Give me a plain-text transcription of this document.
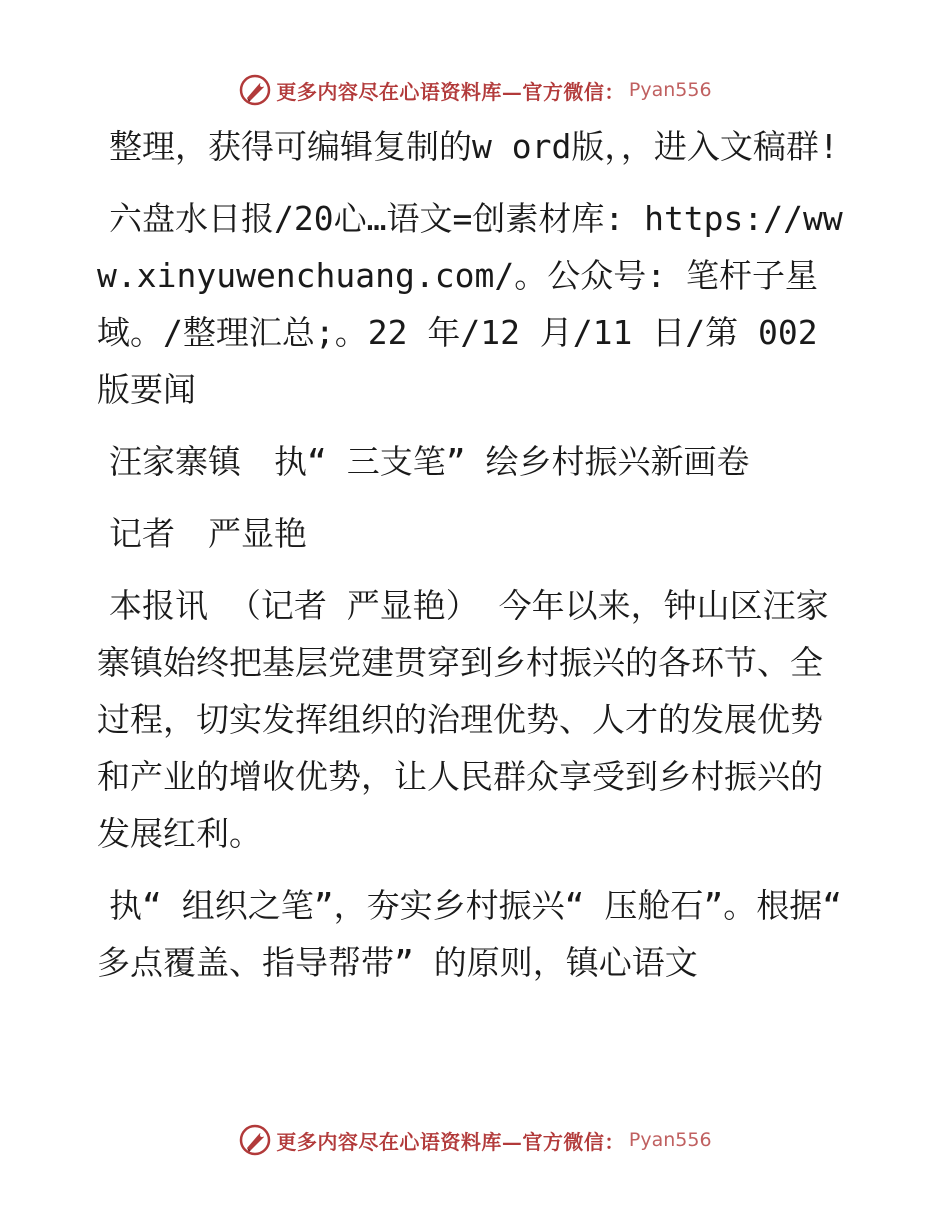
更多内容尽在心语资料库—官方微信： Pyan556

整理，获得可编辑复制的w ord版，，进入文稿群!

六盘水日报/20心…语文=创素材库: https://www.xinyuwenchuang.com/。公众号: 笔杆子星域。/整理汇总;。22 年/12 月/11 日/第 002 版要闻

汪家寨镇　执“ 三支笔” 绘乡村振兴新画卷

记者　严显艳

本报讯 （记者 严显艳） 今年以来，钟山区汪家寨镇始终把基层党建贯穿到乡村振兴的各环节、全过程，切实发挥组织的治理优势、人才的发展优势和产业的增收优势，让人民群众享受到乡村振兴的发展红利。

执“ 组织之笔”，夯实乡村振兴“ 压舱石”。根据“ 多点覆盖、指导帮带” 的原则，镇心语文

更多内容尽在心语资料库—官方微信： Pyan556
